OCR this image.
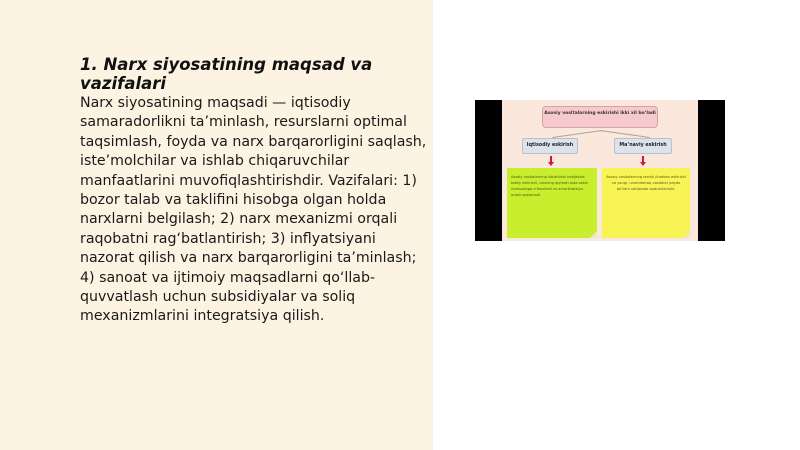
1. Narx siyosatining maqsad va vazifalari

Narx siyosatining maqsadi — iqtisodiy samaradorlikni ta’minlash, resurslarni optimal taqsimlash, foyda va narx barqarorligini saqlash, iste’molchilar va ishlab chiqaruvchilar manfaatlarini muvofiqlashtirishdir. Vazifalari: 1) bozor talab va taklifini hisobga olgan holda narxlarni belgilash; 2) narx mexanizmi orqali raqobatni rag‘batlantirish; 3) inflyatsiyani nazorat qilish va narx barqarorligini ta’minlash; 4) sanoat va ijtimoiy maqsadlarni qo‘llab-quvvatlash uchun subsidiyalar va soliq mexanizmlarini integratsiya qilish.

Asosiy vositalarning eskirishi ikki xil bo‘ladi
Iqtisodiy eskirish	Ma’naviy eskirish
Asosiy vositalarning ishlatilishi natijasida tabiiy eskirishi, ularning qiymati asta-sekin mahsulotga o‘tkaziladi va amortizatsiya orqali qoplanadi.
Asosiy vositalarning texnik jihatdan eskirishi va yangi, unumdorroq vositalar paydo bo‘lishi natijasida qadrsizlanishi.
